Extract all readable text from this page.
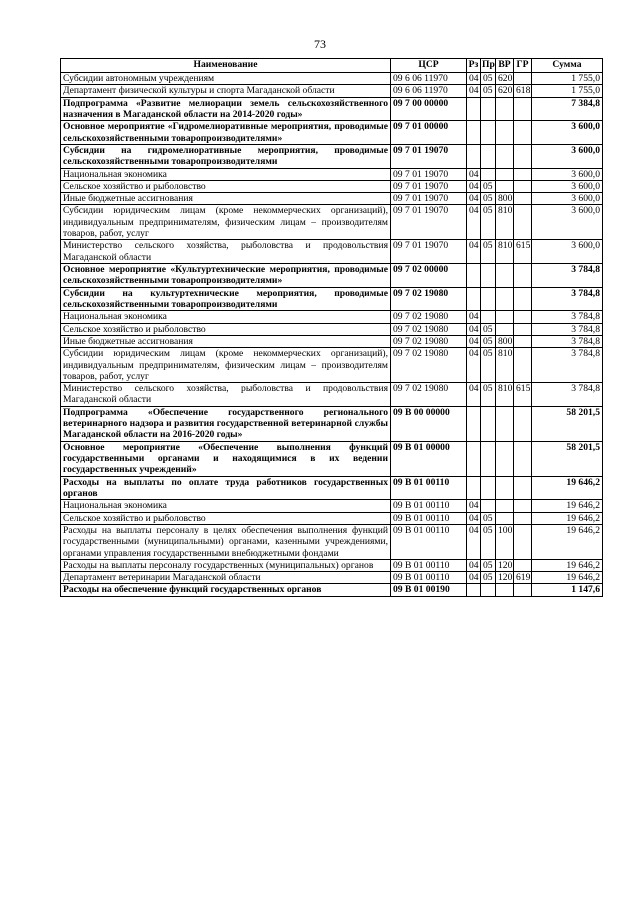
73
Наименование	ЦСР	Рз	Пр	ВР	ГР	Сумма
Субсидии автономным учреждениям	09 6 06 11970	04	05	620		1 755,0
Департамент физической культуры и спорта Магаданской области	09 6 06 11970	04	05	620	618	1 755,0
Подпрограмма «Развитие мелиорации земель сельскохозяйственного назначения в Магаданской области на 2014-2020 годы»	09 7 00 00000					7 384,8
Основное мероприятие «Гидромелиоративные мероприятия, проводимые сельскохозяйственными товаропроизводителями»	09 7 01 00000					3 600,0
Субсидии на гидромелиоративные мероприятия, проводимые сельскохозяйственными товаропроизводителями	09 7 01 19070					3 600,0
Национальная экономика	09 7 01 19070	04				3 600,0
Сельское хозяйство и рыболовство	09 7 01 19070	04	05			3 600,0
Иные бюджетные ассигнования	09 7 01 19070	04	05	800		3 600,0
Субсидии юридическим лицам (кроме некоммерческих организаций), индивидуальным предпринимателям, физическим лицам – производителям товаров, работ, услуг	09 7 01 19070	04	05	810		3 600,0
Министерство сельского хозяйства, рыболовства и продовольствия Магаданской области	09 7 01 19070	04	05	810	615	3 600,0
Основное мероприятие «Культуртехнические мероприятия, проводимые сельскохозяйственными товаропроизводителями»	09 7 02 00000					3 784,8
Субсидии на культуртехнические мероприятия, проводимые сельскохозяйственными товаропроизводителями	09 7 02 19080					3 784,8
Национальная экономика	09 7 02 19080	04				3 784,8
Сельское хозяйство и рыболовство	09 7 02 19080	04	05			3 784,8
Иные бюджетные ассигнования	09 7 02 19080	04	05	800		3 784,8
Субсидии юридическим лицам (кроме некоммерческих организаций), индивидуальным предпринимателям, физическим лицам – производителям товаров, работ, услуг	09 7 02 19080	04	05	810		3 784,8
Министерство сельского хозяйства, рыболовства и продовольствия Магаданской области	09 7 02 19080	04	05	810	615	3 784,8
Подпрограмма «Обеспечение государственного регионального ветеринарного надзора и развития государственной ветеринарной службы Магаданской области на 2016-2020 годы»	09 В 00 00000					58 201,5
Основное мероприятие «Обеспечение выполнения функций государственными органами и находящимися в их ведении государственных учреждений»	09 В 01 00000					58 201,5
Расходы на выплаты по оплате труда работников государственных органов	09 В 01 00110					19 646,2
Национальная экономика	09 В 01 00110	04				19 646,2
Сельское хозяйство и рыболовство	09 В 01 00110	04	05			19 646,2
Расходы на выплаты персоналу в целях обеспечения выполнения функций государственными (муниципальными) органами, казенными учреждениями, органами управления государственными внебюджетными фондами	09 В 01 00110	04	05	100		19 646,2
Расходы на выплаты персоналу государственных (муниципальных) органов	09 В 01 00110	04	05	120		19 646,2
Департамент ветеринарии Магаданской области	09 В 01 00110	04	05	120	619	19 646,2
Расходы на обеспечение функций государственных органов	09 В 01 00190					1 147,6
